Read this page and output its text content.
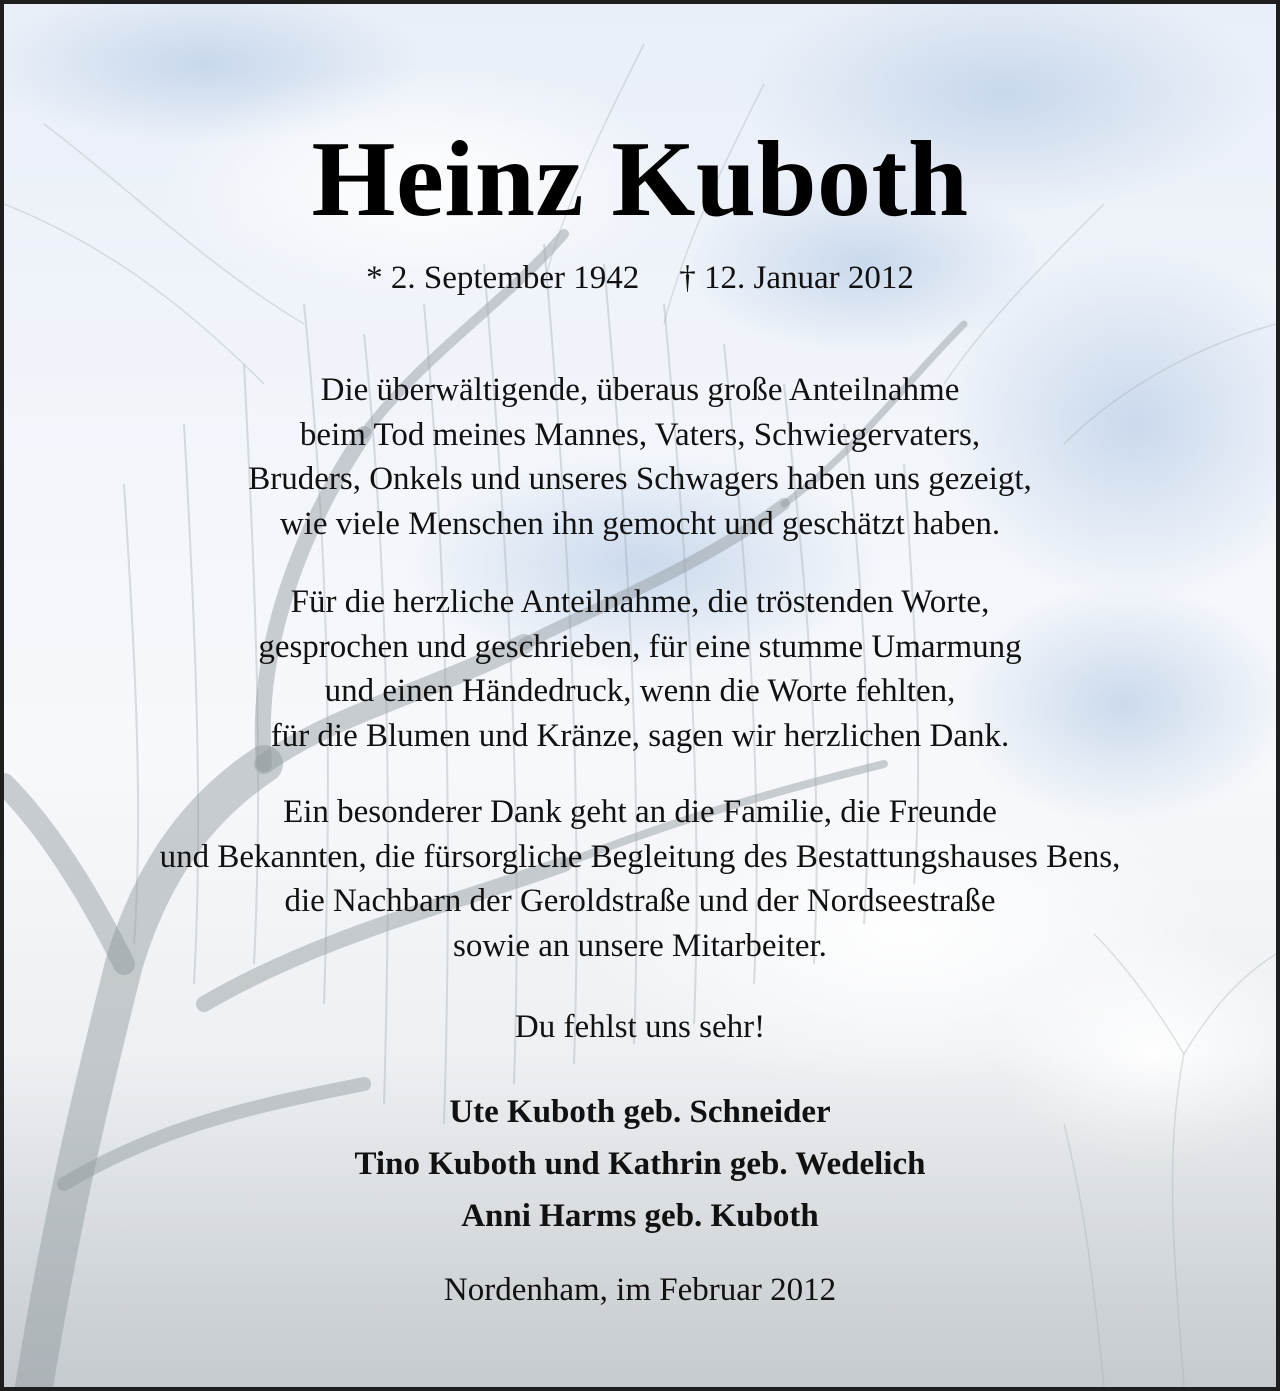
Heinz Kuboth
* 2. September 1942 † 12. Januar 2012
Die überwältigende, überaus große Anteilnahme
beim Tod meines Mannes, Vaters, Schwiegervaters,
Bruders, Onkels und unseres Schwagers haben uns gezeigt,
wie viele Menschen ihn gemocht und geschätzt haben.
Für die herzliche Anteilnahme, die tröstenden Worte,
gesprochen und geschrieben, für eine stumme Umarmung
und einen Händedruck, wenn die Worte fehlten,
für die Blumen und Kränze, sagen wir herzlichen Dank.
Ein besonderer Dank geht an die Familie, die Freunde
und Bekannten, die fürsorgliche Begleitung des Bestattungshauses Bens,
die Nachbarn der Geroldstraße und der Nordseestraße
sowie an unsere Mitarbeiter.
Du fehlst uns sehr!
Ute Kuboth geb. Schneider
Tino Kuboth und Kathrin geb. Wedelich
Anni Harms geb. Kuboth
Nordenham, im Februar 2012
